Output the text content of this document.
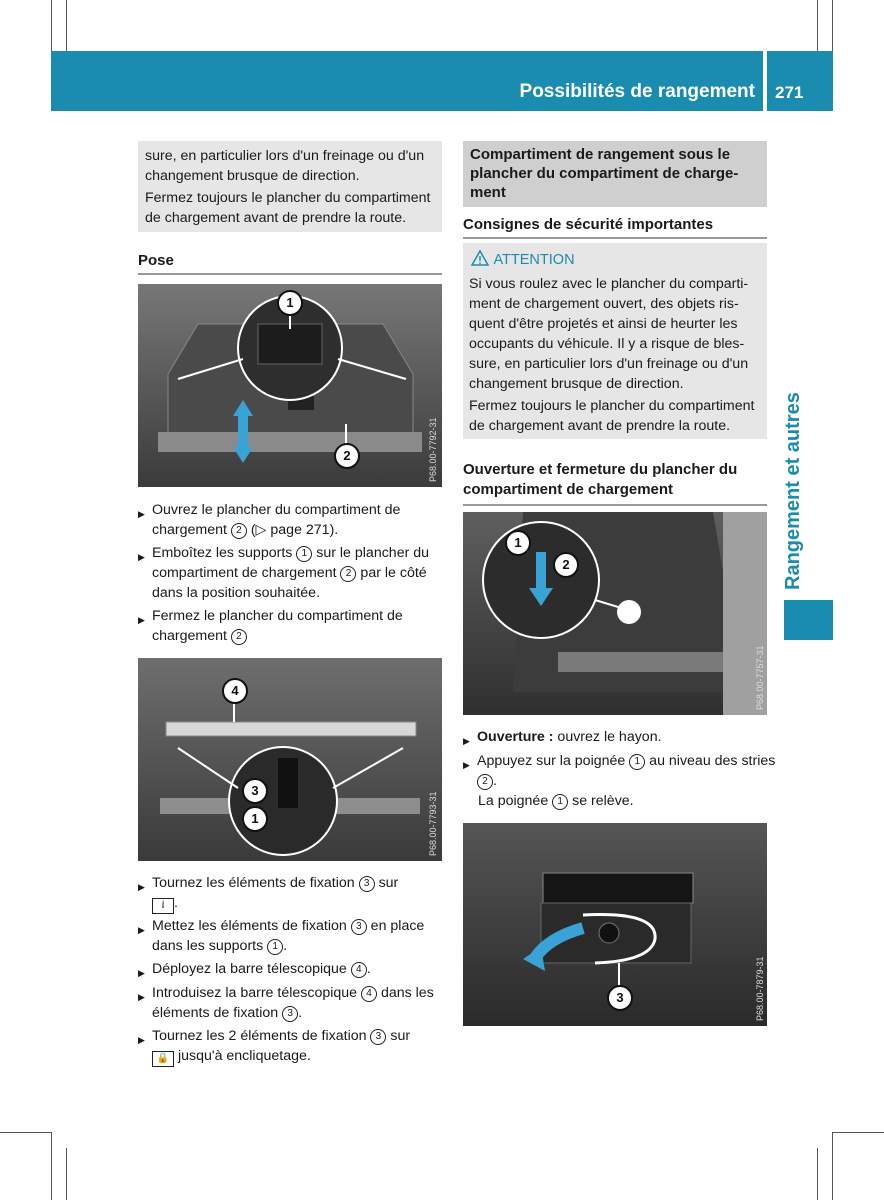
Possibilités de rangement 271
Rangement et autres
sure, en particulier lors d'un freinage ou d'un changement brusque de direction.
Fermez toujours le plancher du compartiment de chargement avant de prendre la route.
Pose
1
2	P68.00-7792-31
▶ Ouvrez le plancher du compartiment de chargement 2 (▷ page 271).
▶ Emboîtez les supports 1 sur le plancher du compartiment de chargement 2 par le côté dans la position souhaitée.
▶ Fermez le plancher du compartiment de chargement 2
4
3
1	P68.00-7793-31
▶ Tournez les éléments de fixation 3 sur
𝕚 .
▶ Mettez les éléments de fixation 3 en place dans les supports 1 .
▶ Déployez la barre télescopique 4 .
▶ Introduisez la barre télescopique 4 dans les éléments de fixation 3 .
▶ Tournez les 2 éléments de fixation 3 sur
🔒 jusqu'à encliquetage.
Compartiment de rangement sous le plancher du compartiment de charge-ment
Consignes de sécurité importantes
ATTENTION
Si vous roulez avec le plancher du comparti-ment de chargement ouvert, des objets ris-quent d'être projetés et ainsi de heurter les occupants du véhicule. Il y a risque de bles-sure, en particulier lors d'un freinage ou d'un changement brusque de direction.
Fermez toujours le plancher du compartiment de chargement avant de prendre la route.
Ouverture et fermeture du plancher du compartiment de chargement
1
2
P68.00-7757-31
▶ Ouverture : ouvrez le hayon.
▶ Appuyez sur la poignée 1 au niveau des stries 2 .
La poignée 1 se relève.
3	P68.00-7879-31
